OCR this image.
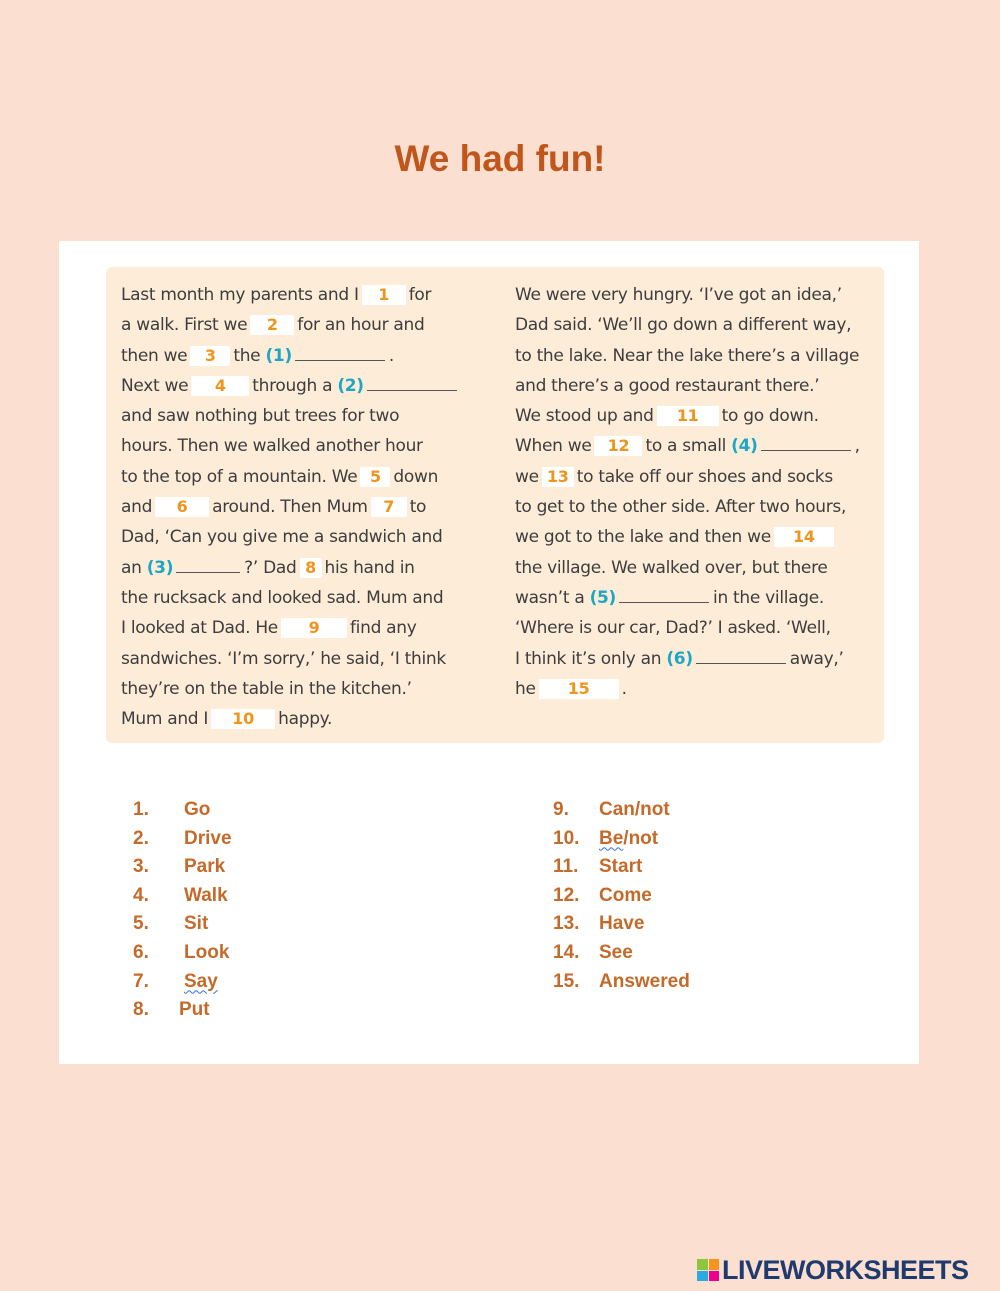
We had fun!
Last month my parents and I 1 for
a walk. First we 2 for an hour and
then we 3 the (1)	.
Next we 4 through a (2)
and saw nothing but trees for two
hours. Then we walked another hour
to the top of a mountain. We 5 down
and 6 around. Then Mum 7 to
Dad, ‘Can you give me a sandwich and
an (3)	?’ Dad 8 his hand in
the rucksack and looked sad. Mum and
I looked at Dad. He 9 find any
sandwiches. ‘I’m sorry,’ he said, ‘I think
they’re on the table in the kitchen.’
Mum and I 10 happy.
We were very hungry. ‘I’ve got an idea,’
Dad said. ‘We’ll go down a different way,
to the lake. Near the lake there’s a village
and there’s a good restaurant there.’
We stood up and 11 to go down.
When we 12 to a small (4)	,
we 13 to take off our shoes and socks
to get to the other side. After two hours,
we got to the lake and then we 14
the village. We walked over, but there
wasn’t a (5)	in the village.
‘Where is our car, Dad?’ I asked. ‘Well,
I think it’s only an (6)	away,’
he 15 .
1. Go
2. Drive
3. Park
4. Walk
5. Sit
6. Look
7. Say
8. Put
9. Can/not
10. Be/not
11. Start
12. Come
13. Have
14. See
15. Answered
LIVEWORKSHEETS
